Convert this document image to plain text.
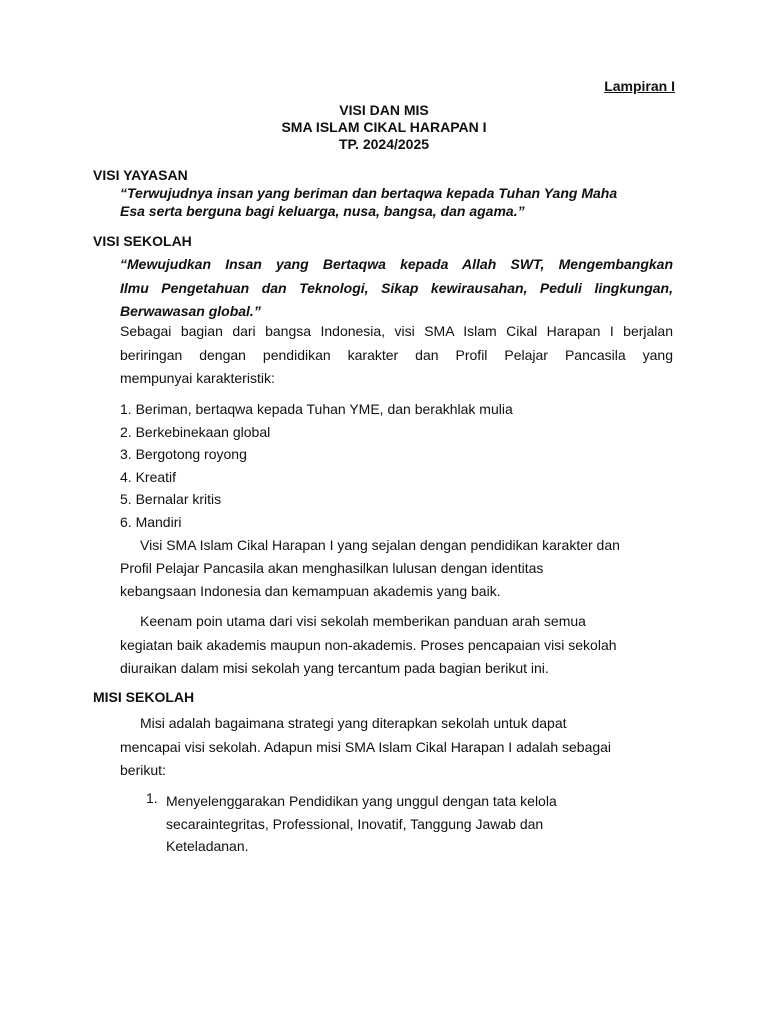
Lampiran I
VISI DAN MIS
SMA ISLAM CIKAL HARAPAN I
TP. 2024/2025
VISI YAYASAN
“Terwujudnya insan yang beriman dan bertaqwa kepada Tuhan Yang Maha
Esa serta berguna bagi keluarga, nusa, bangsa, dan agama.”
VISI SEKOLAH
“Mewujudkan Insan yang Bertaqwa kepada Allah SWT, Mengembangkan
Ilmu Pengetahuan dan Teknologi, Sikap kewirausahan, Peduli lingkungan,
Berwawasan global.”
Sebagai bagian dari bangsa Indonesia, visi SMA Islam Cikal Harapan I berjalan
beriringan dengan pendidikan karakter dan Profil Pelajar Pancasila yang
mempunyai karakteristik:
1. Beriman, bertaqwa kepada Tuhan YME, dan berakhlak mulia
2. Berkebinekaan global
3. Bergotong royong
4. Kreatif
5. Bernalar kritis
6. Mandiri
Visi SMA Islam Cikal Harapan I yang sejalan dengan pendidikan karakter dan
Profil Pelajar Pancasila akan menghasilkan lulusan dengan identitas
kebangsaan Indonesia dan kemampuan akademis yang baik.
Keenam poin utama dari visi sekolah memberikan panduan arah semua
kegiatan baik akademis maupun non-akademis. Proses pencapaian visi sekolah
diuraikan dalam misi sekolah yang tercantum pada bagian berikut ini.
MISI SEKOLAH
Misi adalah bagaimana strategi yang diterapkan sekolah untuk dapat
mencapai visi sekolah. Adapun misi SMA Islam Cikal Harapan I adalah sebagai
berikut:
1. Menyelenggarakan Pendidikan yang unggul dengan tata kelola
secaraintegritas, Professional, Inovatif, Tanggung Jawab dan
Keteladanan.
